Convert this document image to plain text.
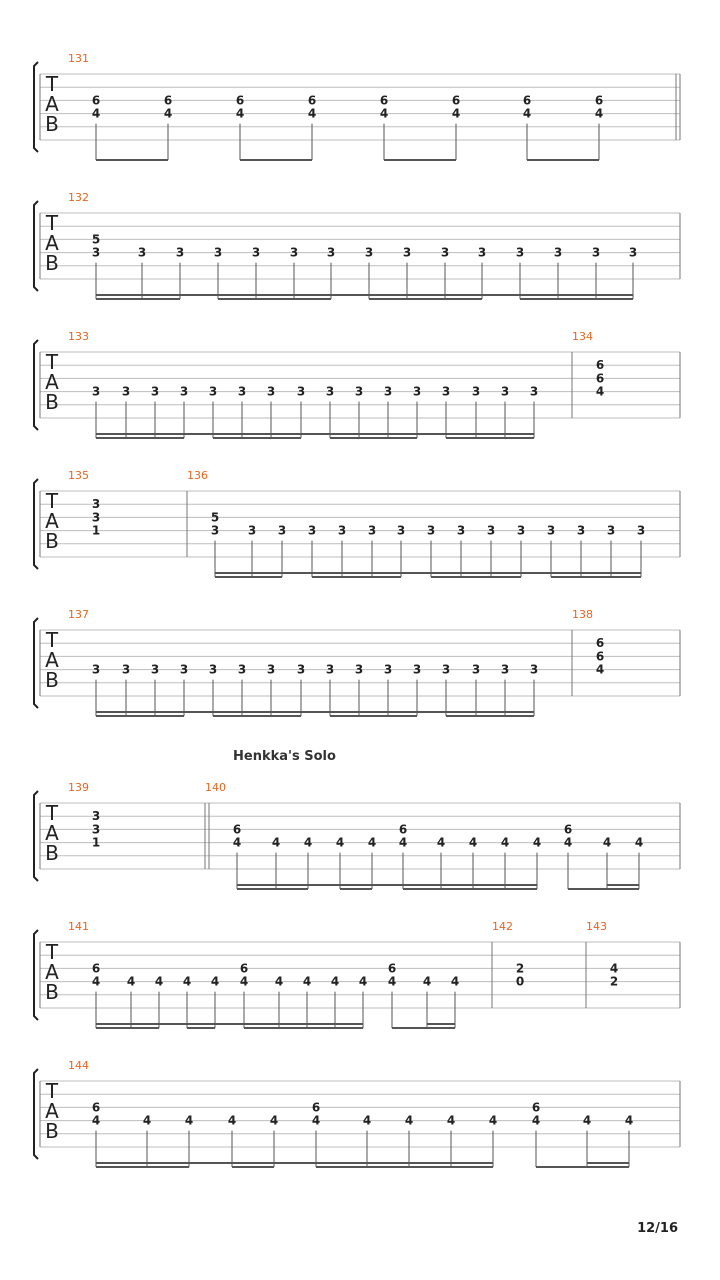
T
A
B
131
6
4
6
4
6
4
6
4
6
4
6
4
6
4
6
4
T
A
B
132
5
3	3 3 3 3 3 3 3 3 3 3 3 3 3 3
T
A
B
133
3 3 3 3 3 3 3 3 3 3 3 3 3 3 3 3
134
6
6
4
T
A
B
135
3
3
1
136
5
3 3 3 3 3 3 3 3 3 3 3 3 3 3 3
T
A
B
137
3 3 3 3 3 3 3 3 3 3 3 3 3 3 3 3
138
6
6
4
T
A
B
139
3
3
1
140
6
4	4 4 4 4
6
4 4 4 4 4
6
4	4 4
T
A
B
141
6
4 4 4 4 4
6
4 4 4 4 4
6
4 4 4
142
2
0
143
4
2
T
A
B
144
6
4	4	4	4	4
6
4	4	4	4	4
6
4	4	4
Henkka's Solo
12/16
